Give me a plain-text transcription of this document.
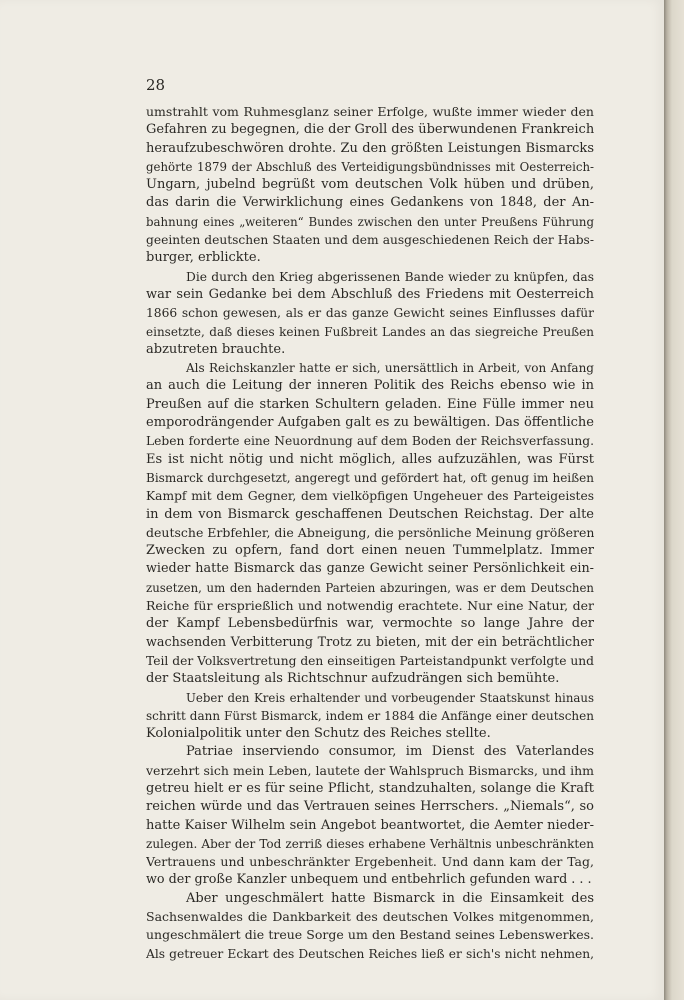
28
umstrahlt vom Ruhmesglanz seiner Erfolge, wußte immer wieder den
Gefahren zu begegnen, die der Groll des überwundenen Frankreich
heraufzubeschwören drohte. Zu den größten Leistungen Bismarcks
gehörte 1879 der Abschluß des Verteidigungsbündnisses mit Oesterreich-
Ungarn, jubelnd begrüßt vom deutschen Volk hüben und drüben,
das darin die Verwirklichung eines Gedankens von 1848, der An-
bahnung eines „weiteren“ Bundes zwischen den unter Preußens Führung
geeinten deutschen Staaten und dem ausgeschiedenen Reich der Habs-
burger, erblickte.
Die durch den Krieg abgerissenen Bande wieder zu knüpfen, das
war sein Gedanke bei dem Abschluß des Friedens mit Oesterreich
1866 schon gewesen, als er das ganze Gewicht seines Einflusses dafür
einsetzte, daß dieses keinen Fußbreit Landes an das siegreiche Preußen
abzutreten brauchte.
Als Reichskanzler hatte er sich, unersättlich in Arbeit, von Anfang
an auch die Leitung der inneren Politik des Reichs ebenso wie in
Preußen auf die starken Schultern geladen. Eine Fülle immer neu
emporodrängender Aufgaben galt es zu bewältigen. Das öffentliche
Leben forderte eine Neuordnung auf dem Boden der Reichsverfassung.
Es ist nicht nötig und nicht möglich, alles aufzuzählen, was Fürst
Bismarck durchgesetzt, angeregt und gefördert hat, oft genug im heißen
Kampf mit dem Gegner, dem vielköpfigen Ungeheuer des Parteigeistes
in dem von Bismarck geschaffenen Deutschen Reichstag. Der alte
deutsche Erbfehler, die Abneigung, die persönliche Meinung größeren
Zwecken zu opfern, fand dort einen neuen Tummelplatz. Immer
wieder hatte Bismarck das ganze Gewicht seiner Persönlichkeit ein-
zusetzen, um den hadernden Parteien abzuringen, was er dem Deutschen
Reiche für ersprießlich und notwendig erachtete. Nur eine Natur, der
der Kampf Lebensbedürfnis war, vermochte so lange Jahre der
wachsenden Verbitterung Trotz zu bieten, mit der ein beträchtlicher
Teil der Volksvertretung den einseitigen Parteistandpunkt verfolgte und
der Staatsleitung als Richtschnur aufzudrängen sich bemühte.
Ueber den Kreis erhaltender und vorbeugender Staatskunst hinaus
schritt dann Fürst Bismarck, indem er 1884 die Anfänge einer deutschen
Kolonialpolitik unter den Schutz des Reiches stellte.
Patriae inserviendo consumor, im Dienst des Vaterlandes
verzehrt sich mein Leben, lautete der Wahlspruch Bismarcks, und ihm
getreu hielt er es für seine Pflicht, standzuhalten, solange die Kraft
reichen würde und das Vertrauen seines Herrschers. „Niemals“, so
hatte Kaiser Wilhelm sein Angebot beantwortet, die Aemter nieder-
zulegen. Aber der Tod zerriß dieses erhabene Verhältnis unbeschränkten
Vertrauens und unbeschränkter Ergebenheit. Und dann kam der Tag,
wo der große Kanzler unbequem und entbehrlich gefunden ward . . .
Aber ungeschmälert hatte Bismarck in die Einsamkeit des
Sachsenwaldes die Dankbarkeit des deutschen Volkes mitgenommen,
ungeschmälert die treue Sorge um den Bestand seines Lebenswerkes.
Als getreuer Eckart des Deutschen Reiches ließ er sich's nicht nehmen,
